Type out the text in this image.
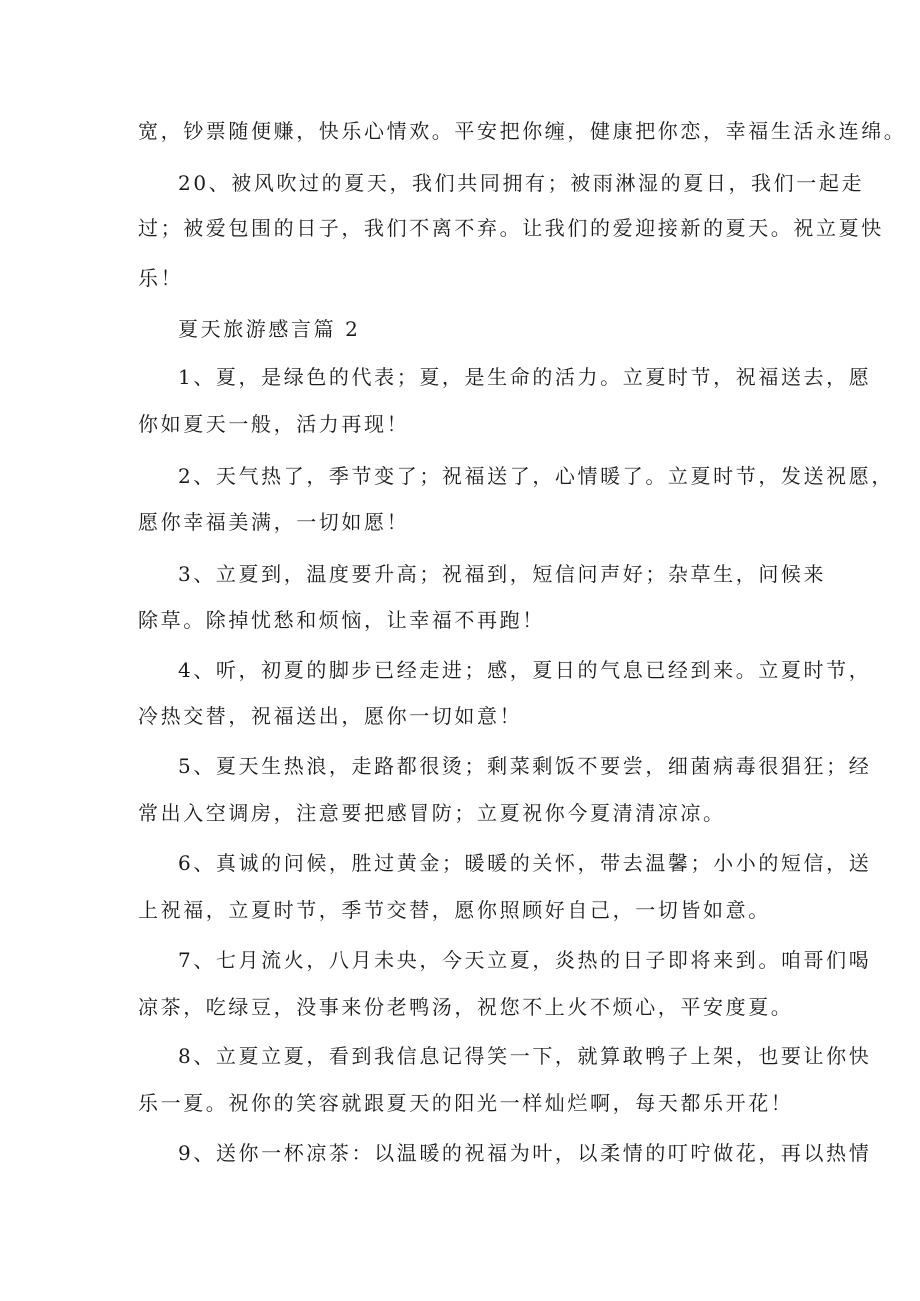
宽，钞票随便赚，快乐心情欢。平安把你缠，健康把你恋，幸福生活永连绵。
20、被风吹过的夏天，我们共同拥有；被雨淋湿的夏日，我们一起走
过；被爱包围的日子，我们不离不弃。让我们的爱迎接新的夏天。祝立夏快
乐！
夏天旅游感言篇 2
1、夏，是绿色的代表；夏，是生命的活力。立夏时节，祝福送去，愿
你如夏天一般，活力再现！
2、天气热了，季节变了；祝福送了，心情暖了。立夏时节，发送祝愿，
愿你幸福美满，一切如愿！
3、立夏到，温度要升高；祝福到，短信问声好；杂草生，问候来
除草。除掉忧愁和烦恼，让幸福不再跑！
4、听，初夏的脚步已经走进；感，夏日的气息已经到来。立夏时节，
冷热交替，祝福送出，愿你一切如意！
5、夏天生热浪，走路都很烫；剩菜剩饭不要尝，细菌病毒很猖狂；经
常出入空调房，注意要把感冒防；立夏祝你今夏清清凉凉。
6、真诚的问候，胜过黄金；暖暖的关怀，带去温馨；小小的短信，送
上祝福，立夏时节，季节交替，愿你照顾好自己，一切皆如意。
7、七月流火，八月未央，今天立夏，炎热的日子即将来到。咱哥们喝
凉茶，吃绿豆，没事来份老鸭汤，祝您不上火不烦心，平安度夏。
8、立夏立夏，看到我信息记得笑一下，就算敢鸭子上架，也要让你快
乐一夏。祝你的笑容就跟夏天的阳光一样灿烂啊，每天都乐开花！
9、送你一杯凉茶：以温暖的祝福为叶，以柔情的叮咛做花，再以热情
